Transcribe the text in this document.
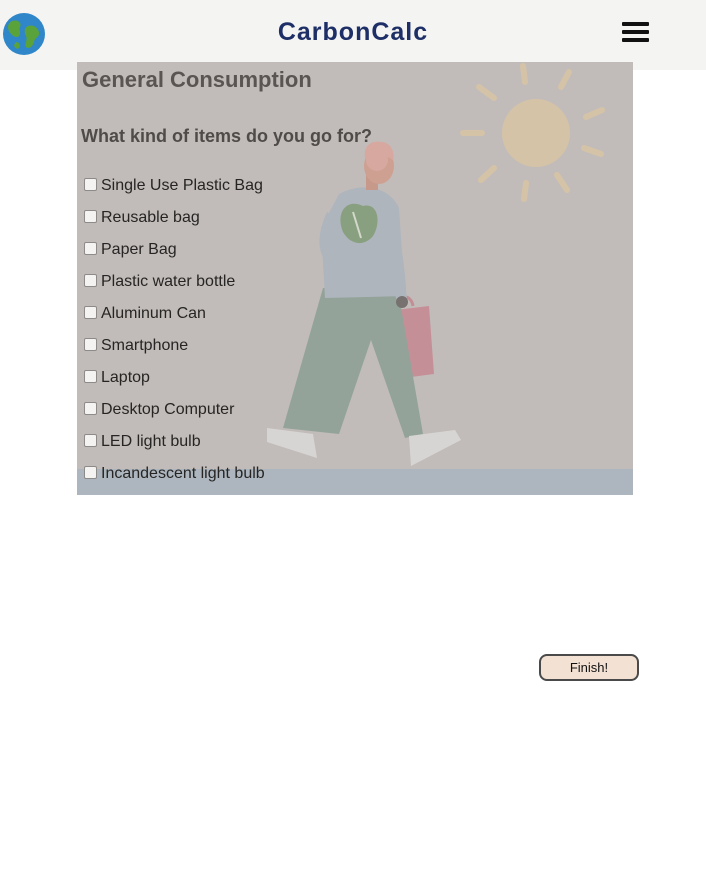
CarbonCalc
General Consumption
What kind of items do you go for?
Single Use Plastic Bag
Reusable bag
Paper Bag
Plastic water bottle
Aluminum Can
Smartphone
Laptop
Desktop Computer
LED light bulb
Incandescent light bulb
Finish!
